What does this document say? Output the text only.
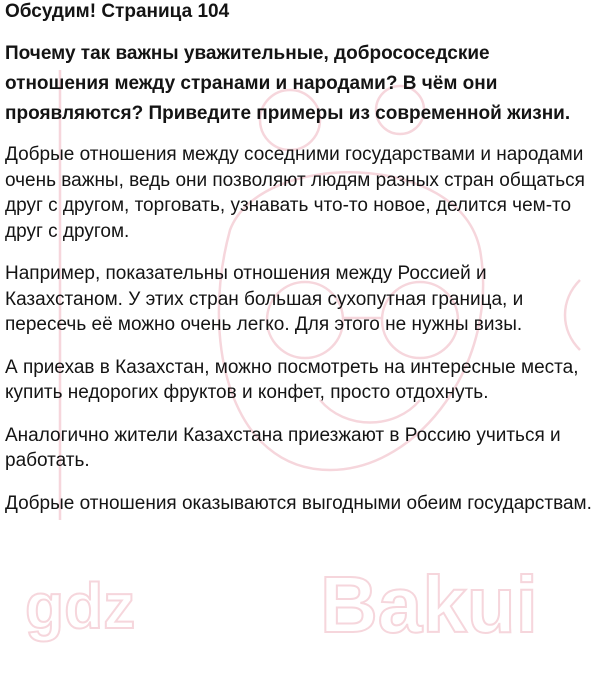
gdz Bakui
Обсудим! Страница 104

Почему так важны уважительные, добрососедские отношения между странами и народами? В чём они проявляются? Приведите примеры из современной жизни.

Добрые отношения между соседними государствами и народами очень важны, ведь они позволяют людям разных стран общаться друг с другом, торговать, узнавать что-то новое, делится чем-то друг с другом.

Например, показательны отношения между Россией и Казахстаном. У этих стран большая сухопутная граница, и пересечь её можно очень легко. Для этого не нужны визы.

А приехав в Казахстан, можно посмотреть на интересные места, купить недорогих фруктов и конфет, просто отдохнуть.

Аналогично жители Казахстана приезжают в Россию учиться и работать.

Добрые отношения оказываются выгодными обеим государствам.
